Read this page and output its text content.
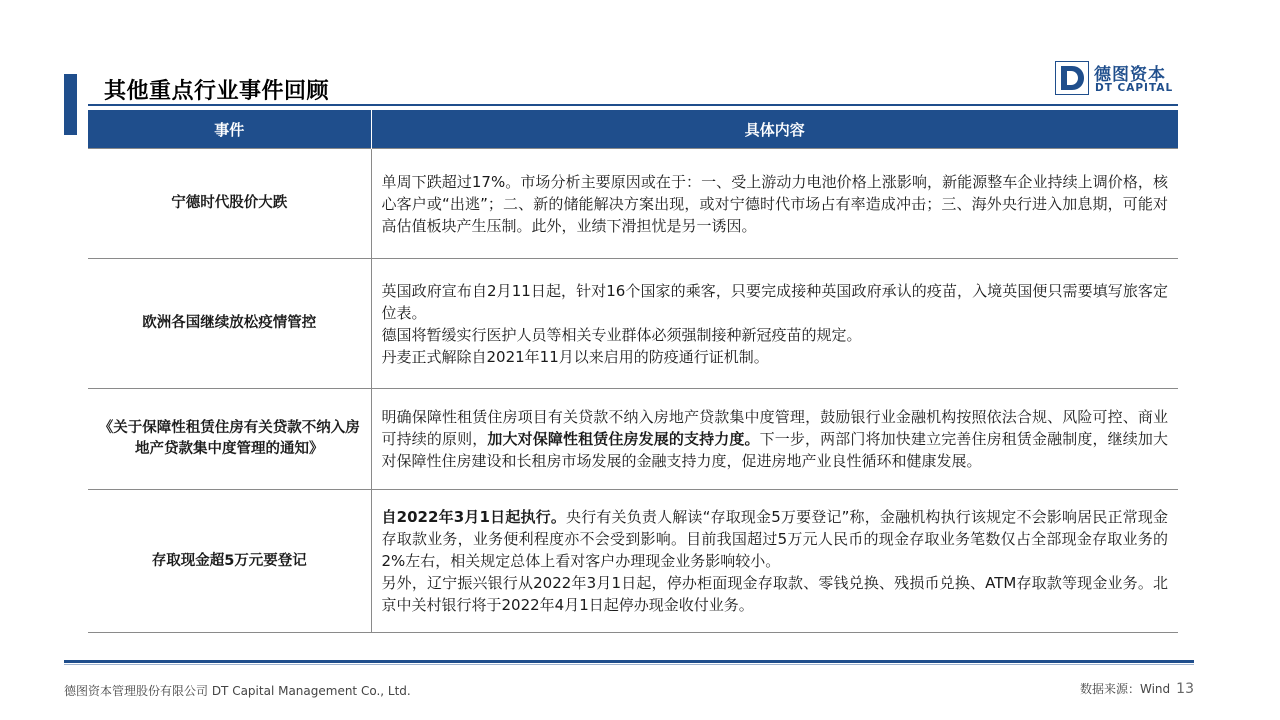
其他重点行业事件回顾
德图资本
DT CAPITAL
事件	具体内容
宁德时代股价大跌	单周下跌超过17%。市场分析主要原因或在于：一、受上游动力电池价格上涨影响，新能源整车企业持续上调价格，核心客户或“出逃”；二、新的储能解决方案出现，或对宁德时代市场占有率造成冲击；三、海外央行进入加息期，可能对高估值板块产生压制。此外，业绩下滑担忧是另一诱因。

欧洲各国继续放松疫情管控	英国政府宣布自2月11日起，针对16个国家的乘客，只要完成接种英国政府承认的疫苗，入境英国便只需要填写旅客定位表。
德国将暂缓实行医护人员等相关专业群体必须强制接种新冠疫苗的规定。
丹麦正式解除自2021年11月以来启用的防疫通行证机制。

《关于保障性租赁住房有关贷款不纳入房地产贷款集中度管理的通知》	明确保障性租赁住房项目有关贷款不纳入房地产贷款集中度管理，鼓励银行业金融机构按照依法合规、风险可控、商业可持续的原则，加大对保障性租赁住房发展的支持力度。下一步，两部门将加快建立完善住房租赁金融制度，继续加大对保障性住房建设和长租房市场发展的金融支持力度，促进房地产业良性循环和健康发展。
存取现金超5万元要登记	自2022年3月1日起执行。央行有关负责人解读“存取现金5万要登记”称，金融机构执行该规定不会影响居民正常现金存取款业务，业务便利程度亦不会受到影响。目前我国超过5万元人民币的现金存取业务笔数仅占全部现金存取业务的2%左右，相关规定总体上看对客户办理现金业务影响较小。
另外，辽宁振兴银行从2022年3月1日起，停办柜面现金存取款、零钱兑换、残损币兑换、ATM存取款等现金业务。北京中关村银行将于2022年4月1日起停办现金收付业务。
德图资本管理股份有限公司 DT Capital Management Co., Ltd.	数据来源：Wind 13
